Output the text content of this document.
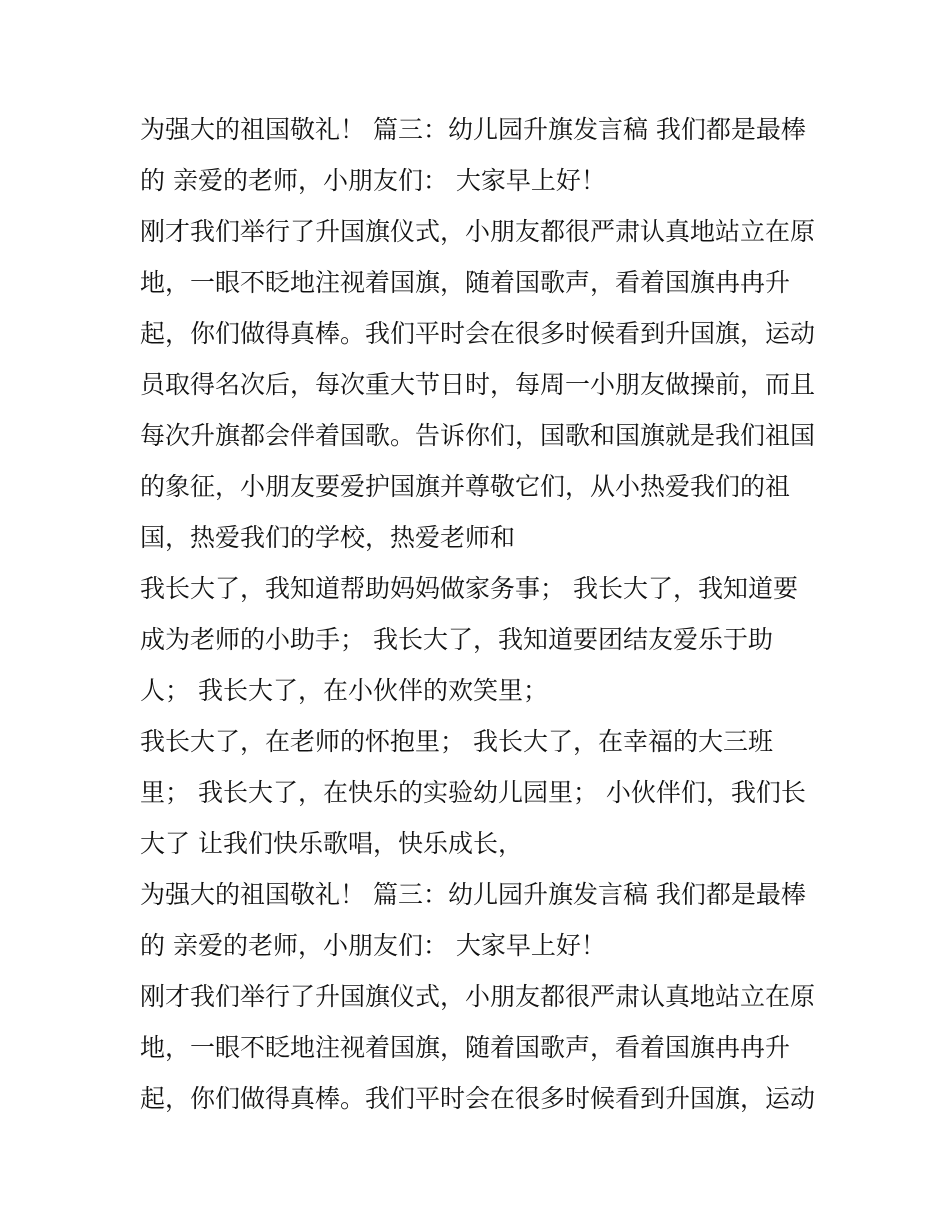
为强大的祖国敬礼！ 篇三：幼儿园升旗发言稿 我们都是最棒
的 亲爱的老师，小朋友们： 大家早上好！
刚才我们举行了升国旗仪式，小朋友都很严肃认真地站立在原
地，一眼不眨地注视着国旗，随着国歌声，看着国旗冉冉升
起，你们做得真棒。我们平时会在很多时候看到升国旗，运动
员取得名次后，每次重大节日时，每周一小朋友做操前，而且
每次升旗都会伴着国歌。告诉你们，国歌和国旗就是我们祖国
的象征，小朋友要爱护国旗并尊敬它们，从小热爱我们的祖
国，热爱我们的学校，热爱老师和
我长大了，我知道帮助妈妈做家务事； 我长大了，我知道要
成为老师的小助手； 我长大了，我知道要团结友爱乐于助
人； 我长大了，在小伙伴的欢笑里；
我长大了，在老师的怀抱里； 我长大了，在幸福的大三班
里； 我长大了，在快乐的实验幼儿园里； 小伙伴们，我们长
大了 让我们快乐歌唱，快乐成长，
为强大的祖国敬礼！ 篇三：幼儿园升旗发言稿 我们都是最棒
的 亲爱的老师，小朋友们： 大家早上好！
刚才我们举行了升国旗仪式，小朋友都很严肃认真地站立在原
地，一眼不眨地注视着国旗，随着国歌声，看着国旗冉冉升
起，你们做得真棒。我们平时会在很多时候看到升国旗，运动
